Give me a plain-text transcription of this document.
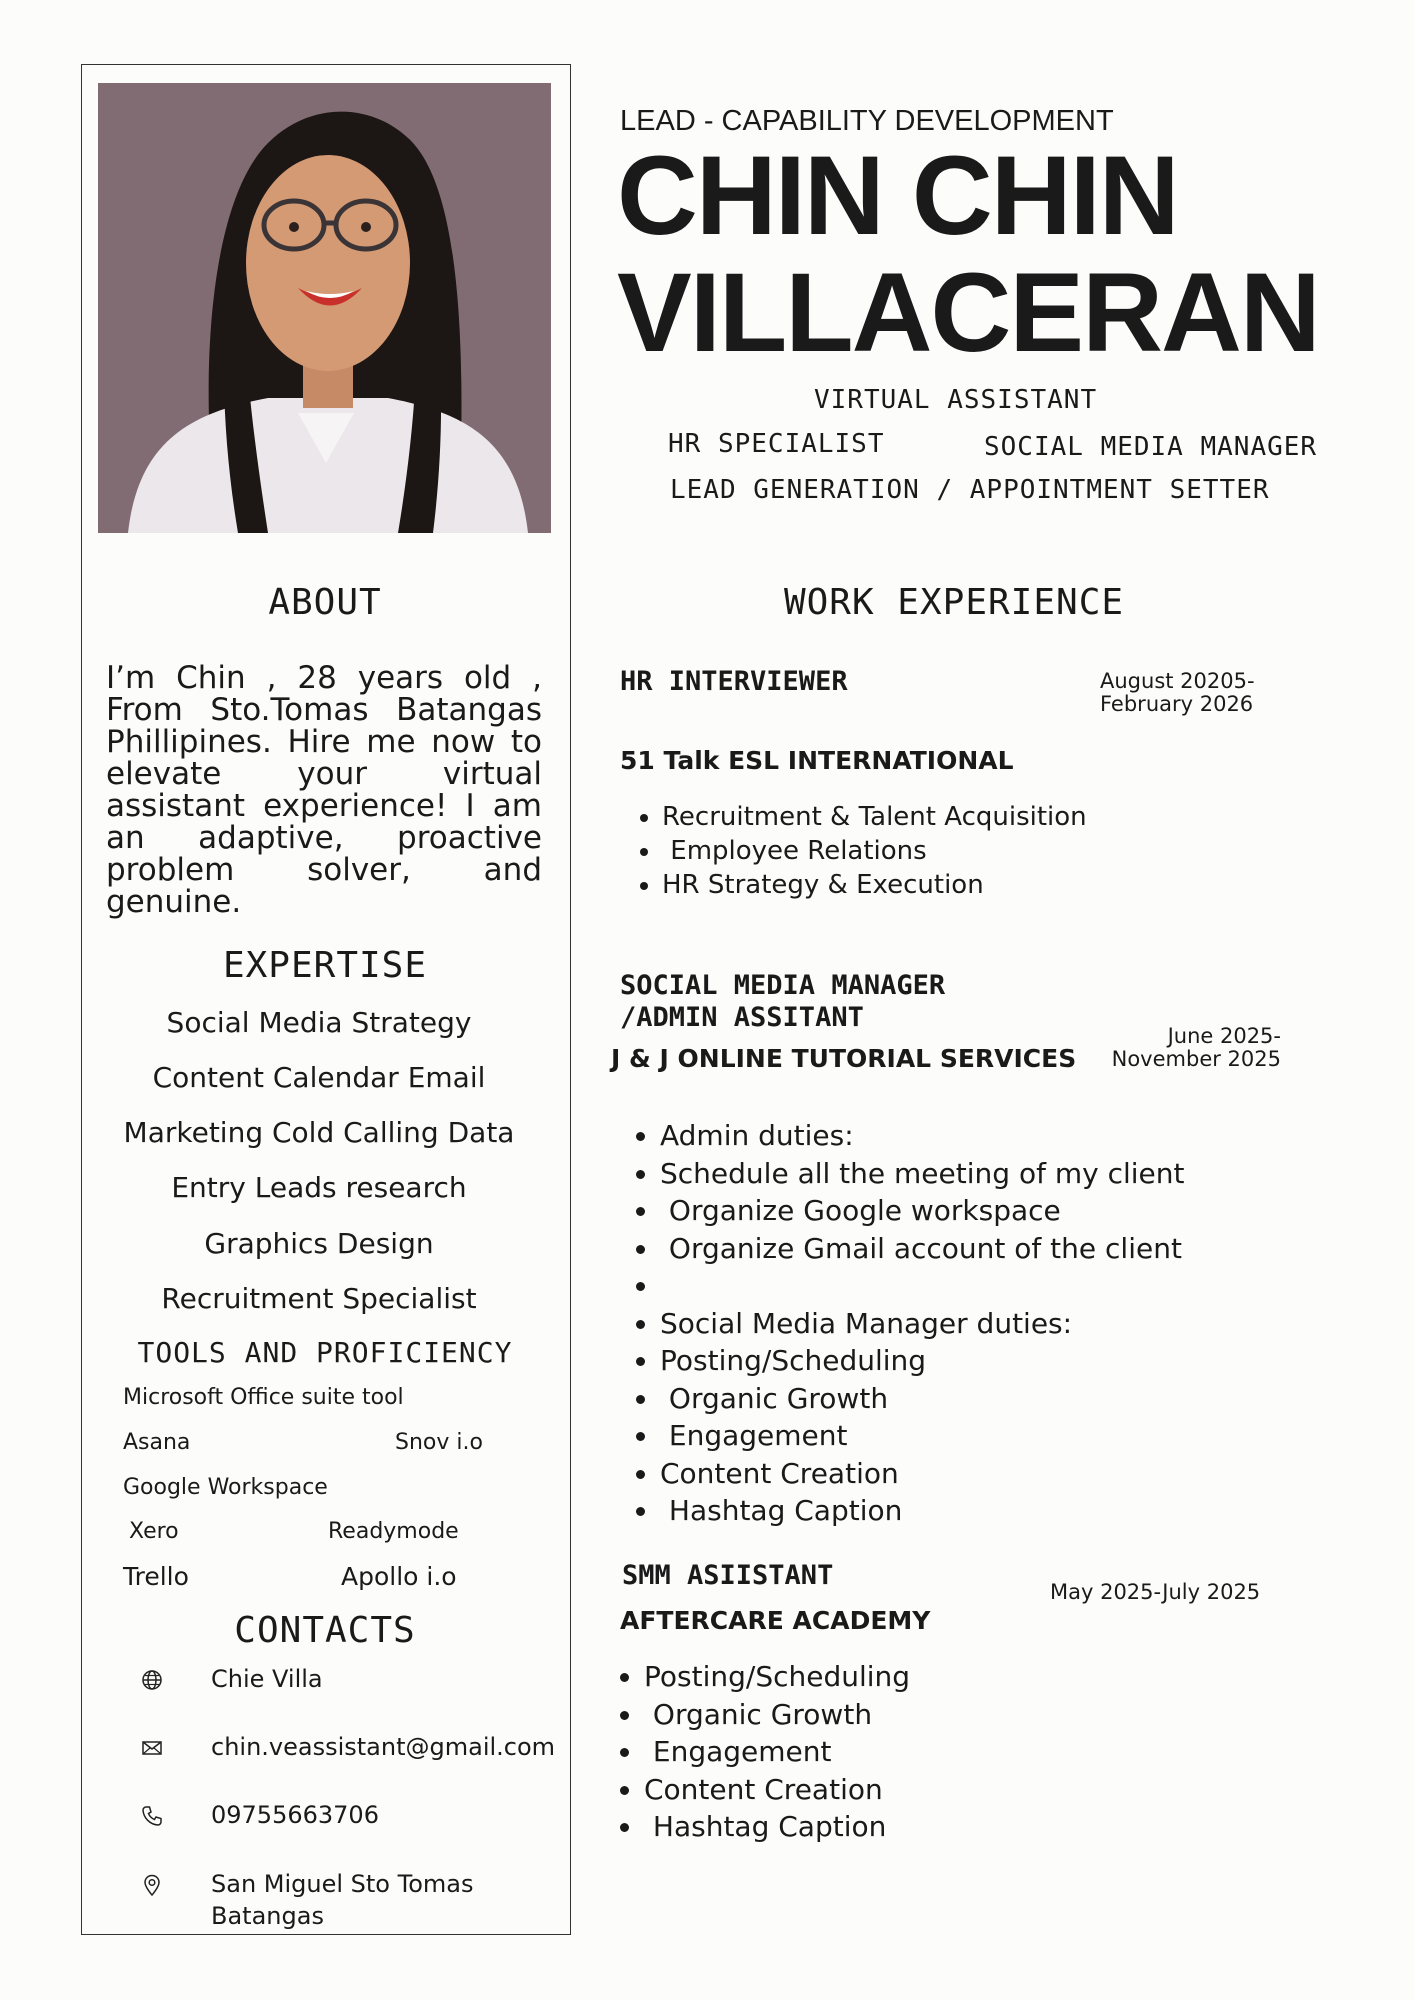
ABOUT
I’m Chin , 28 years old , From Sto.Tomas Batangas Phillipines. Hire me now to elevate your virtual assistant experience! I am an adaptive, proactive problem solver, and genuine.
EXPERTISE
Social Media Strategy
Content Calendar Email
Marketing Cold Calling Data
Entry Leads research
Graphics Design
Recruitment Specialist
TOOLS AND PROFICIENCY
Microsoft Office suite tool
Asana	Snov i.o
Google Workspace
Xero	Readymode
Trello	Apollo i.o
CONTACTS
Chie Villa
chin.veassistant@gmail.com
09755663706
San Miguel Sto Tomas Batangas
LEAD - CAPABILITY DEVELOPMENT
CHIN CHIN
VILLACERAN
VIRTUAL ASSISTANT
HR SPECIALIST	SOCIAL MEDIA MANAGER
LEAD GENERATION / APPOINTMENT SETTER
WORK EXPERIENCE
HR INTERVIEWER	August 20205-
February 2026
51 Talk ESL INTERNATIONAL
• Recruitment & Talent Acquisition
•  Employee Relations
• HR Strategy & Execution
SOCIAL MEDIA MANAGER
/ADMIN ASSITANT
June 2025-
November 2025
J & J ONLINE TUTORIAL SERVICES
• Admin duties:
• Schedule all the meeting of my client
•  Organize Google workspace
•  Organize Gmail account of the client
•
• Social Media Manager duties:
• Posting/Scheduling
•  Organic Growth
•  Engagement
• Content Creation
•  Hashtag Caption
SMM ASIISTANT
May 2025-July 2025
AFTERCARE ACADEMY
• Posting/Scheduling
•  Organic Growth
•  Engagement
• Content Creation
•  Hashtag Caption
